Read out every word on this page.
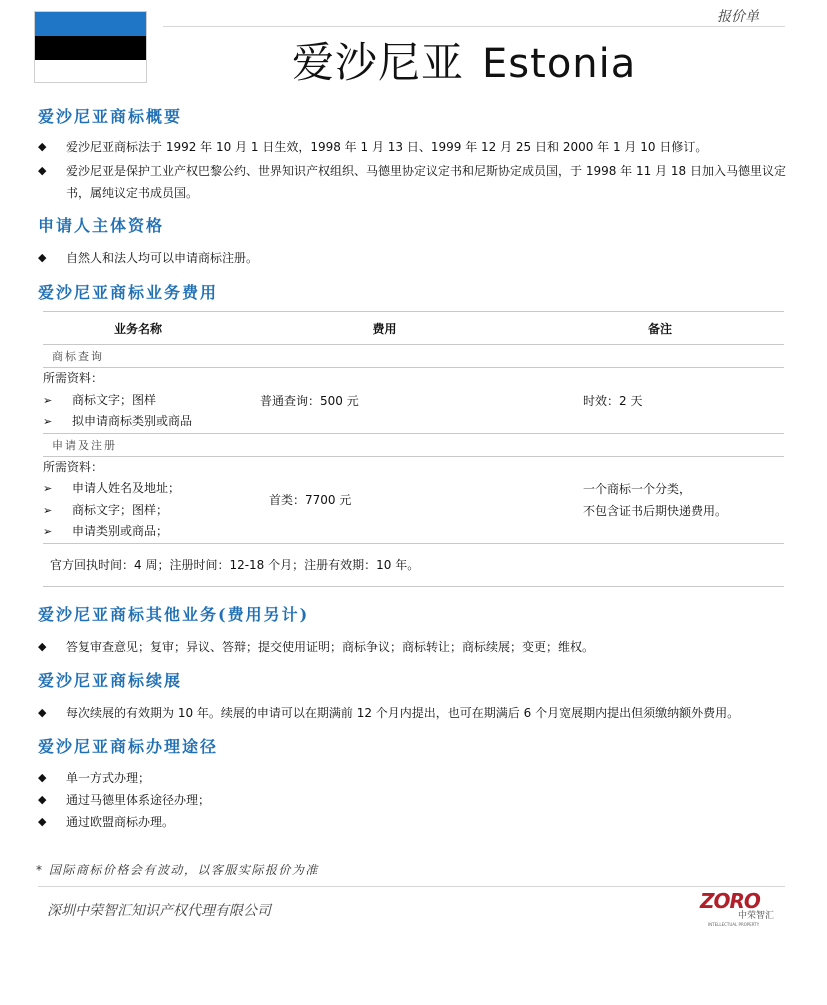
报价单
爱沙尼亚 Estonia
爱沙尼亚商标概要
◆ 爱沙尼亚商标法于 1992 年 10 月 1 日生效，1998 年 1 月 13 日、1999 年 12 月 25 日和 2000 年 1 月 10 日修订。
◆ 爱沙尼亚是保护工业产权巴黎公约、世界知识产权组织、马德里协定议定书和尼斯协定成员国，于 1998 年 11 月 18 日加入马德里议定书，属纯议定书成员国。
申请人主体资格
◆ 自然人和法人均可以申请商标注册。
爱沙尼亚商标业务费用
业务名称	费用	备注
商标查询		

所需资料：
➢ 商标文字；图样
➢ 拟申请商标类别或商品	普通查询：500 元	时效：2 天
申请及注册		

所需资料：
➢ 申请人姓名及地址；
➢ 商标文字；图样；
➢ 申请类别或商品；	首类：7700 元	一个商标一个分类，
不包含证书后期快递费用。

官方回执时间：4 周；注册时间：12-18 个月；注册有效期：10 年。		
爱沙尼亚商标其他业务(费用另计)
◆ 答复审查意见；复审；异议、答辩；提交使用证明；商标争议；商标转让；商标续展；变更；维权。
爱沙尼亚商标续展
◆ 每次续展的有效期为 10 年。续展的申请可以在期满前 12 个月内提出，也可在期满后 6 个月宽展期内提出但须缴纳额外费用。
爱沙尼亚商标办理途径
◆ 单一方式办理；
◆ 通过马德里体系途径办理；
◆ 通过欧盟商标办理。
* 国际商标价格会有波动，以客服实际报价为准
深圳中荣智汇知识产权代理有限公司	ZORO
中荣智汇
INTELLECTUAL PROPERTY
